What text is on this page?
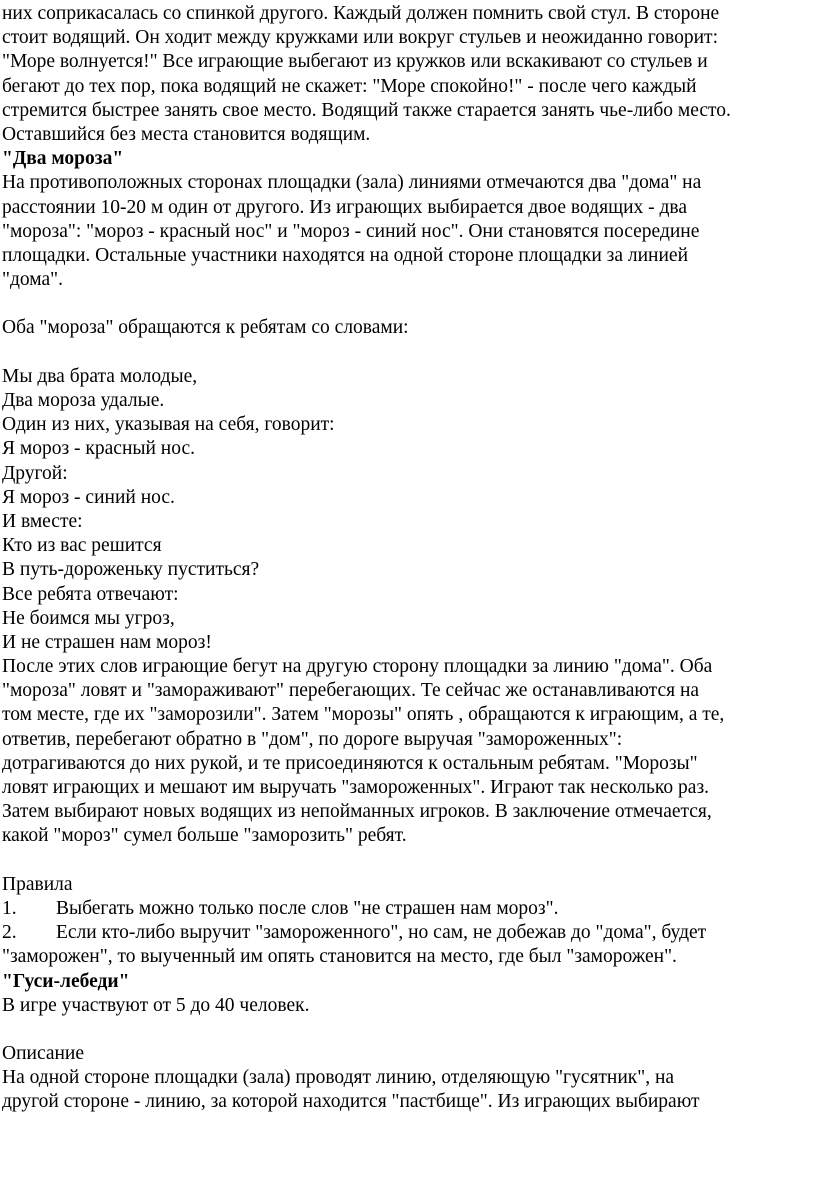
них соприкасалась со спинкой другого. Каждый должен помнить свой стул. В стороне
стоит водящий. Он ходит между кружками или вокруг стульев и неожиданно говорит:
"Море волнуется!" Все играющие выбегают из кружков или вскакивают со стульев и
бегают до тех пор, пока водящий не скажет: "Море спокойно!" - после чего каждый
стремится быстрее занять свое место. Водящий также старается занять чье-либо место.
Оставшийся без места становится водящим.
"Два мороза"
На противоположных сторонах площадки (зала) линиями отмечаются два "дома" на
расстоянии 10-20 м один от другого. Из играющих выбирается двое водящих - два
"мороза": "мороз - красный нос" и "мороз - синий нос". Они становятся посередине
площадки. Остальные участники находятся на одной стороне площадки за линией
"дома".
Оба "мороза" обращаются к ребятам со словами:
Мы два брата молодые,
Два мороза удалые.
Один из них, указывая на себя, говорит:
Я мороз - красный нос.
Другой:
Я мороз - синий нос.
И вместе:
Кто из вас решится
В путь-дороженьку пуститься?
Все ребята отвечают:
Не боимся мы угроз,
И не страшен нам мороз!
После этих слов играющие бегут на другую сторону площадки за линию "дома". Оба
"мороза" ловят и "замораживают" перебегающих. Те сейчас же останавливаются на
том месте, где их "заморозили". Затем "морозы" опять , обращаются к играющим, а те,
ответив, перебегают обратно в "дом", по дороге выручая "замороженных":
дотрагиваются до них рукой, и те присоединяются к остальным ребятам. "Морозы"
ловят играющих и мешают им выручать "замороженных". Играют так несколько раз.
Затем выбирают новых водящих из непойманных игроков. В заключение отмечается,
какой "мороз" сумел больше "заморозить" ребят.
Правила
1. Выбегать можно только после слов "не страшен нам мороз".
2. Если кто-либо выручит "замороженного", но сам, не добежав до "дома", будет
"заморожен", то выученный им опять становится на место, где был "заморожен".
"Гуси-лебеди"
В игре участвуют от 5 до 40 человек.
Описание
На одной стороне площадки (зала) проводят линию, отделяющую "гусятник", на
другой стороне - линию, за которой находится "пастбище". Из играющих выбирают
